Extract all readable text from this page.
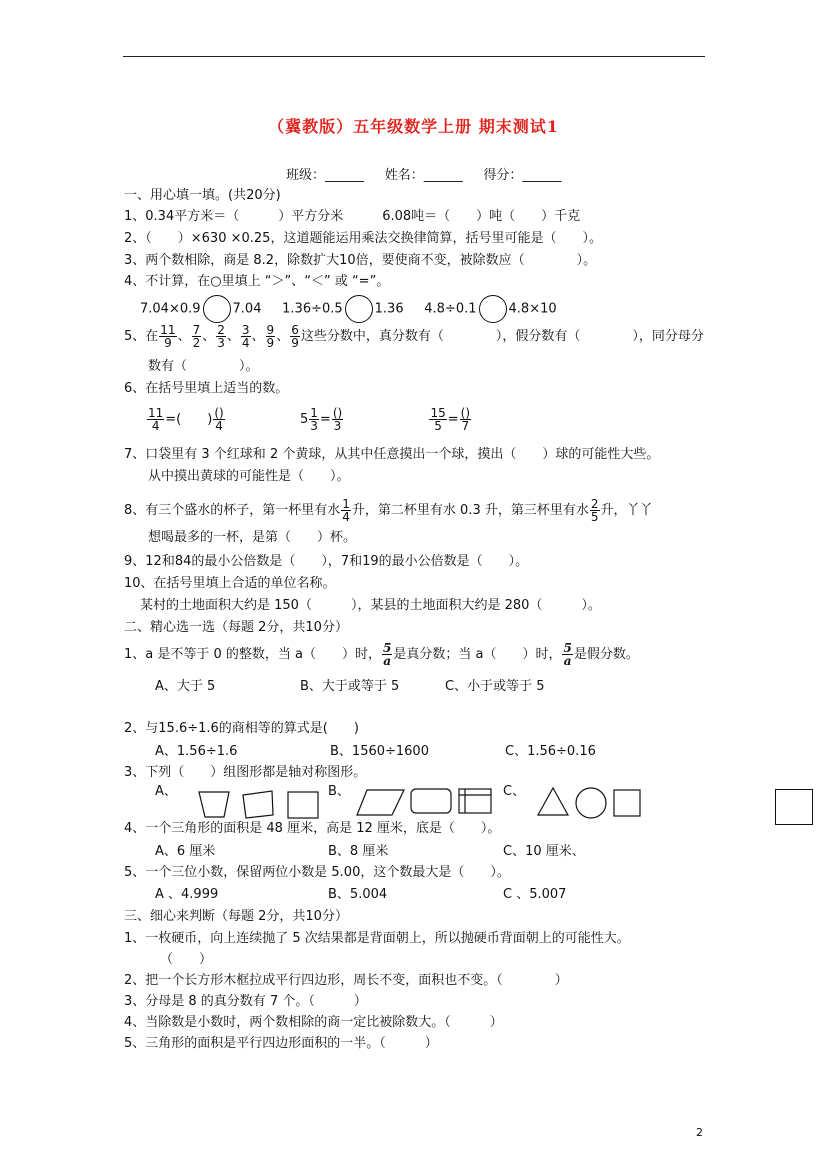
（冀教版）五年级数学上册 期末测试1
班级：______ 姓名：______ 得分：______
一、用心填一填。(共20分)
1、0.34平方米＝（　　　）平方分米　　　6.08吨＝（　　）吨（　　）千克
2、（　　）×630 ×0.25，这道题能运用乘法交换律简算，括号里可能是（　　）。
3、两个数相除，商是 8.2，除数扩大10倍，要使商不变，被除数应（　　　　）。
4、不计算，在○里填上 “＞”、“＜” 或 “=”。
7.04×0.9 7.04 1.36÷0.5 1.36 4.8÷0.1 4.8×10
5、在 $\frac{11}{9}$ 、 $\frac{7}{2}$ 、 $\frac{2}{3}$ 、 $\frac{3}{4}$ 、 $\frac{9}{9}$ 、 $\frac{6}{9}$ 这些分数中，真分数有（　　　　），假分数有（　　　　），同分母分
数有（　　　　）。
6、在括号里填上适当的数。
$\frac{11}{4}$ =(　　) $\frac{()}{4}$	$5 \frac{1}{3} = \frac{()}{3}$
	$\frac{15}{5} = \frac{()}{7}$
7、口袋里有 3 个红球和 2 个黄球，从其中任意摸出一个球，摸出（　　）球的可能性大些。
从中摸出黄球的可能性是（　　）。
8、有三个盛水的杯子，第一杯里有水 $\frac{1}{4}$ 升，第二杯里有水 0.3 升，第三杯里有水 $\frac{2}{5}$ 升，丫丫
想喝最多的一杯，是第（　　）杯。
9、12和84的最小公倍数是（　　），7和19的最小公倍数是（　　）。
10、在括号里填上合适的单位名称。
某村的土地面积大约是 150（　　　），某县的土地面积大约是 280（　　　）。
二、精心选一选（每题 2分，共10分）
1、a 是不等于 0 的整数，当 a（　　）时， $\frac{5}{a}$ 是真分数；当 a（　　）时， $\frac{5}{a}$ 是假分数。
A、大于 5	B、大于或等于 5	C、小于或等于 5
2、与15.6÷1.6的商相等的算式是(　　)
A、1.56÷1.6	B、1560÷1600	C、1.56÷0.16
3、下列（　　）组图形都是轴对称图形。
A、	B、	C、
4、一个三角形的面积是 48 厘米，高是 12 厘米，底是（　　）。
A、6 厘米	B、8 厘米	C、10 厘米、
5、一个三位小数，保留两位小数是 5.00，这个数最大是（　　）。
A 、4.999	B、5.004	C 、5.007
三、细心来判断（每题 2分，共10分）
1、一枚硬币，向上连续抛了 5 次结果都是背面朝上，所以抛硬币背面朝上的可能性大。
（　　）
2、把一个长方形木框拉成平行四边形，周长不变，面积也不变。（　　　　）
3、分母是 8 的真分数有 7 个。（　　　）
4、当除数是小数时，两个数相除的商一定比被除数大。（　　　）
5、三角形的面积是平行四边形面积的一半。（　　　）
2
